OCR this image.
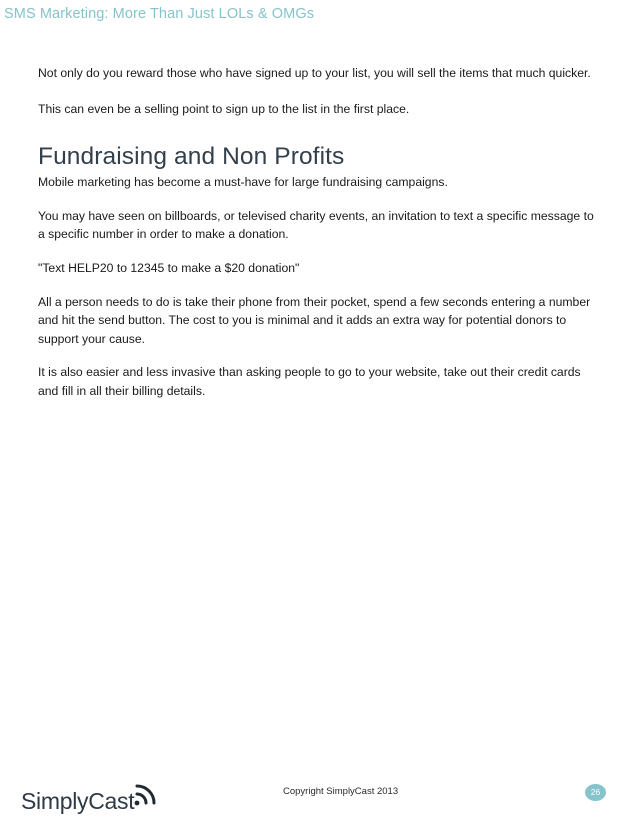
SMS Marketing: More Than Just LOLs & OMGs

Not only do you reward those who have signed up to your list, you will sell the items that much quicker.

This can even be a selling point to sign up to the list in the first place.

Fundraising and Non Profits

Mobile marketing has become a must-have for large fundraising campaigns.

You may have seen on billboards, or televised charity events, an invitation to text a specific message to a specific number in order to make a donation.

"Text HELP20 to 12345 to make a $20 donation"

All a person needs to do is take their phone from their pocket, spend a few seconds entering a number and hit the send button. The cost to you is minimal and it adds an extra way for potential donors to support your cause.

It is also easier and less invasive than asking people to go to your website, take out their credit cards and fill in all their billing details.

SimplyCast	Copyright SimplyCast 2013	26
